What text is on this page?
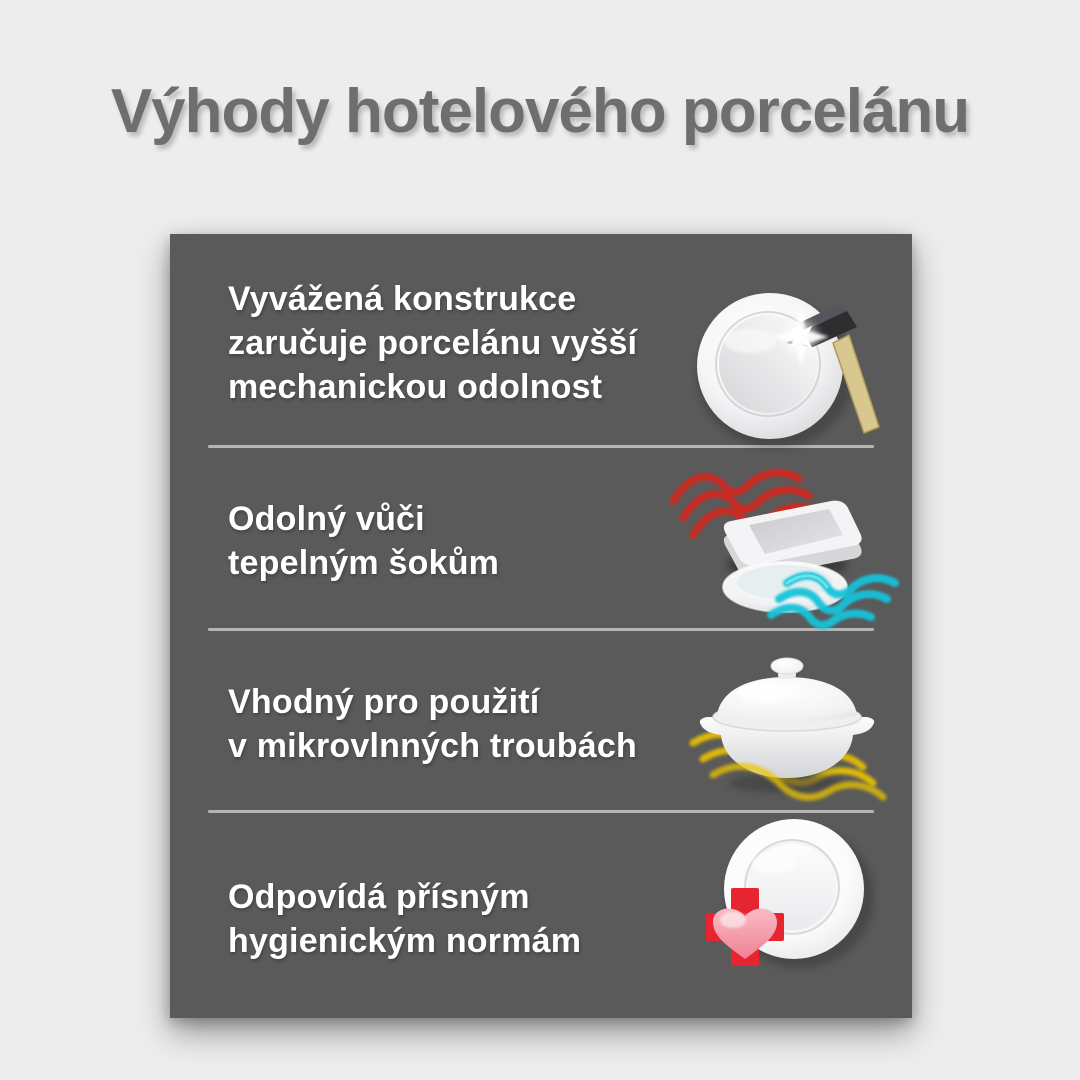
Výhody hotelového porcelánu
Vyvážená konstrukce
zaručuje porcelánu vyšší
mechanickou odolnost
Odolný vůči
tepelným šokům
Vhodný pro použití
v mikrovlnných troubách
Odpovídá přísným
hygienickým normám
